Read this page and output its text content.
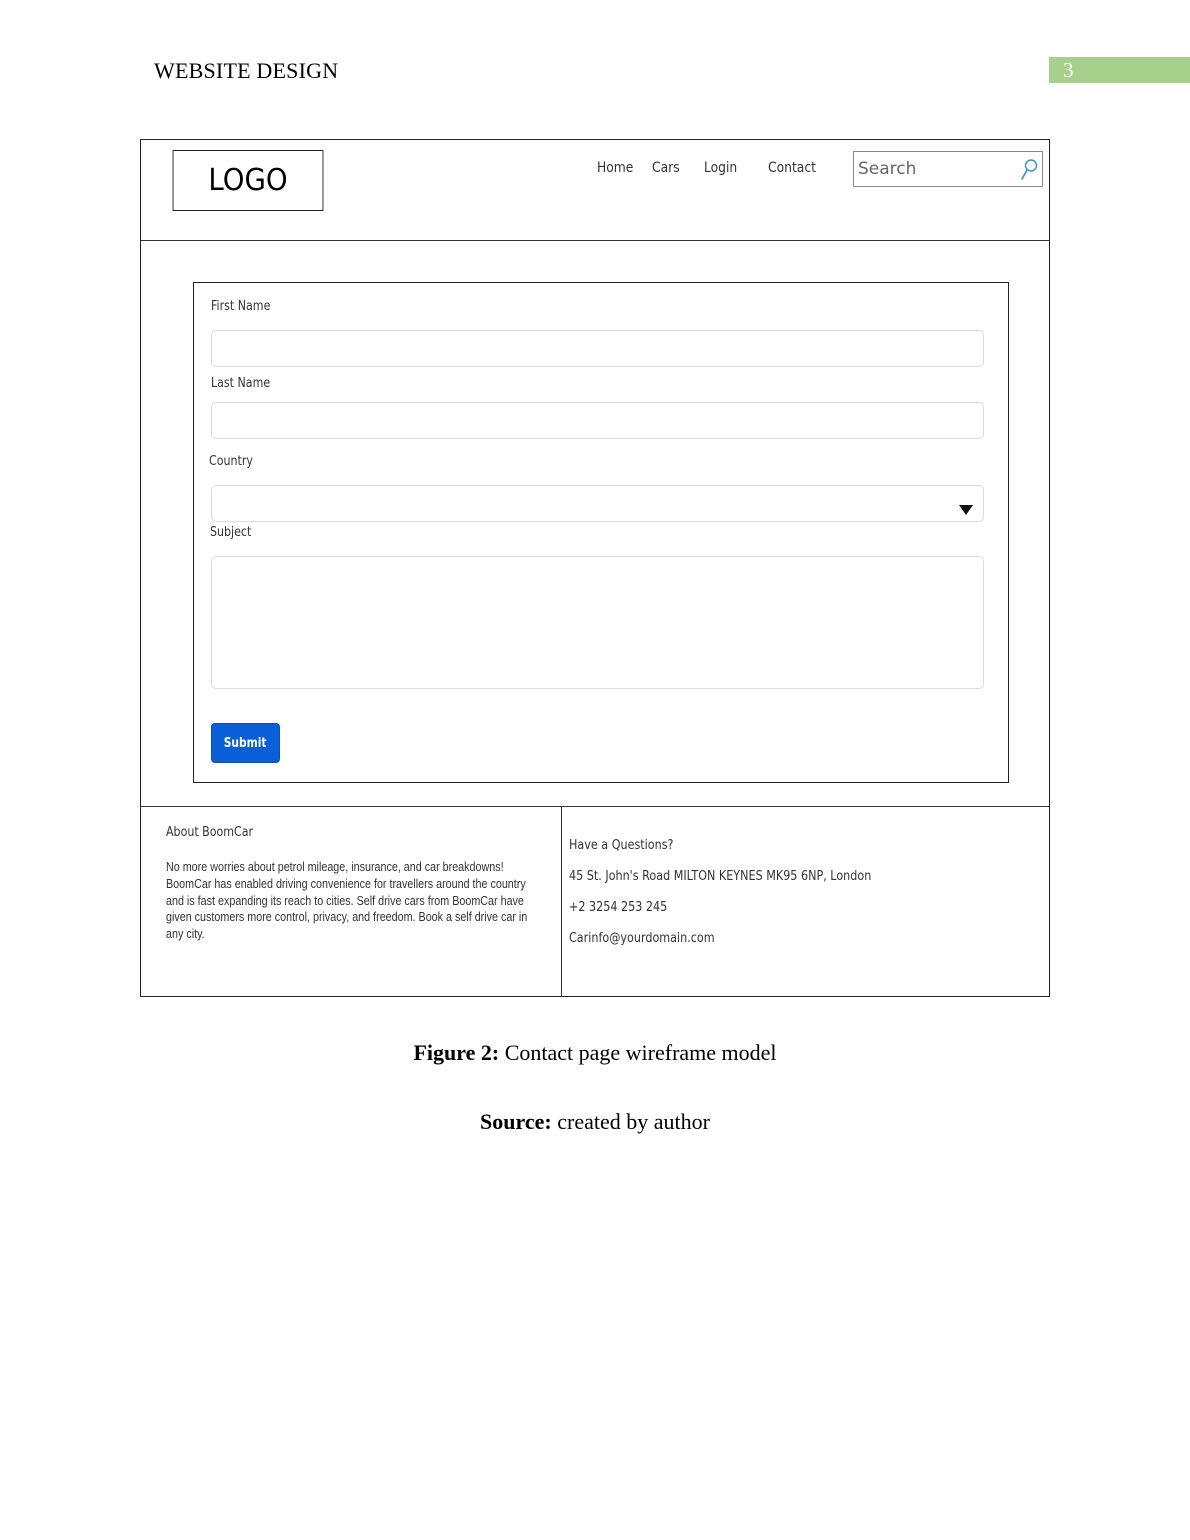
WEBSITE DESIGN	3
LOGO	Home Cars Login Contact
Search
First Name
Last Name
Country
Subject
Submit
About BoomCar
No more worries about petrol mileage, insurance, and car breakdowns! BoomCar has enabled driving convenience for travellers around the country and is fast expanding its reach to cities. Self drive cars from BoomCar have given customers more control, privacy, and freedom. Book a self drive car in any city.
Have a Questions?
45 St. John's Road MILTON KEYNES MK95 6NP, London
+2 3254 253 245
Carinfo@yourdomain.com
Figure 2: Contact page wireframe model
Source: created by author
